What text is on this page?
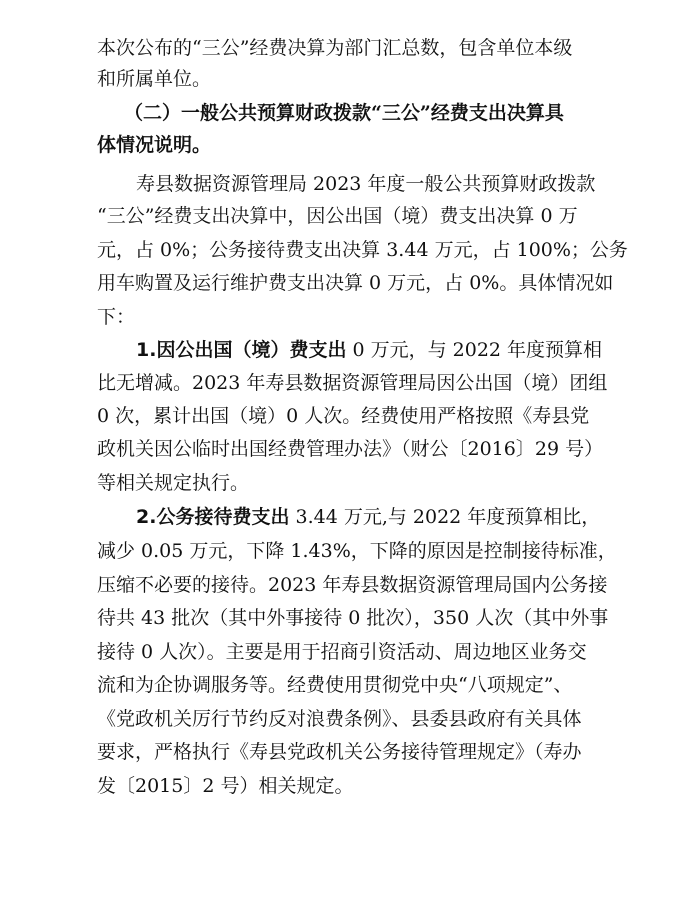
本次公布的“三公”经费决算为部门汇总数，包含单位本级
和所属单位。
（二）一般公共预算财政拨款“三公”经费支出决算具
体情况说明。
寿县数据资源管理局 2023 年度一般公共预算财政拨款
“三公”经费支出决算中，因公出国（境）费支出决算 0 万
元，占 0%；公务接待费支出决算 3.44 万元，占 100%；公务
用车购置及运行维护费支出决算 0 万元，占 0%。具体情况如
下：
1.因公出国（境）费支出 0 万元，与 2022 年度预算相
比无增减。2023 年寿县数据资源管理局因公出国（境）团组
0 次，累计出国（境）0 人次。经费使用严格按照《寿县党
政机关因公临时出国经费管理办法》（财公〔2016〕29 号）
等相关规定执行。
2.公务接待费支出 3.44 万元,与 2022 年度预算相比，
减少 0.05 万元，下降 1.43%，下降的原因是控制接待标准，
压缩不必要的接待。2023 年寿县数据资源管理局国内公务接
待共 43 批次（其中外事接待 0 批次），350 人次（其中外事
接待 0 人次）。主要是用于招商引资活动、周边地区业务交
流和为企协调服务等。经费使用贯彻党中央“八项规定”、
《党政机关厉行节约反对浪费条例》、县委县政府有关具体
要求，严格执行《寿县党政机关公务接待管理规定》（寿办
发〔2015〕2 号）相关规定。
